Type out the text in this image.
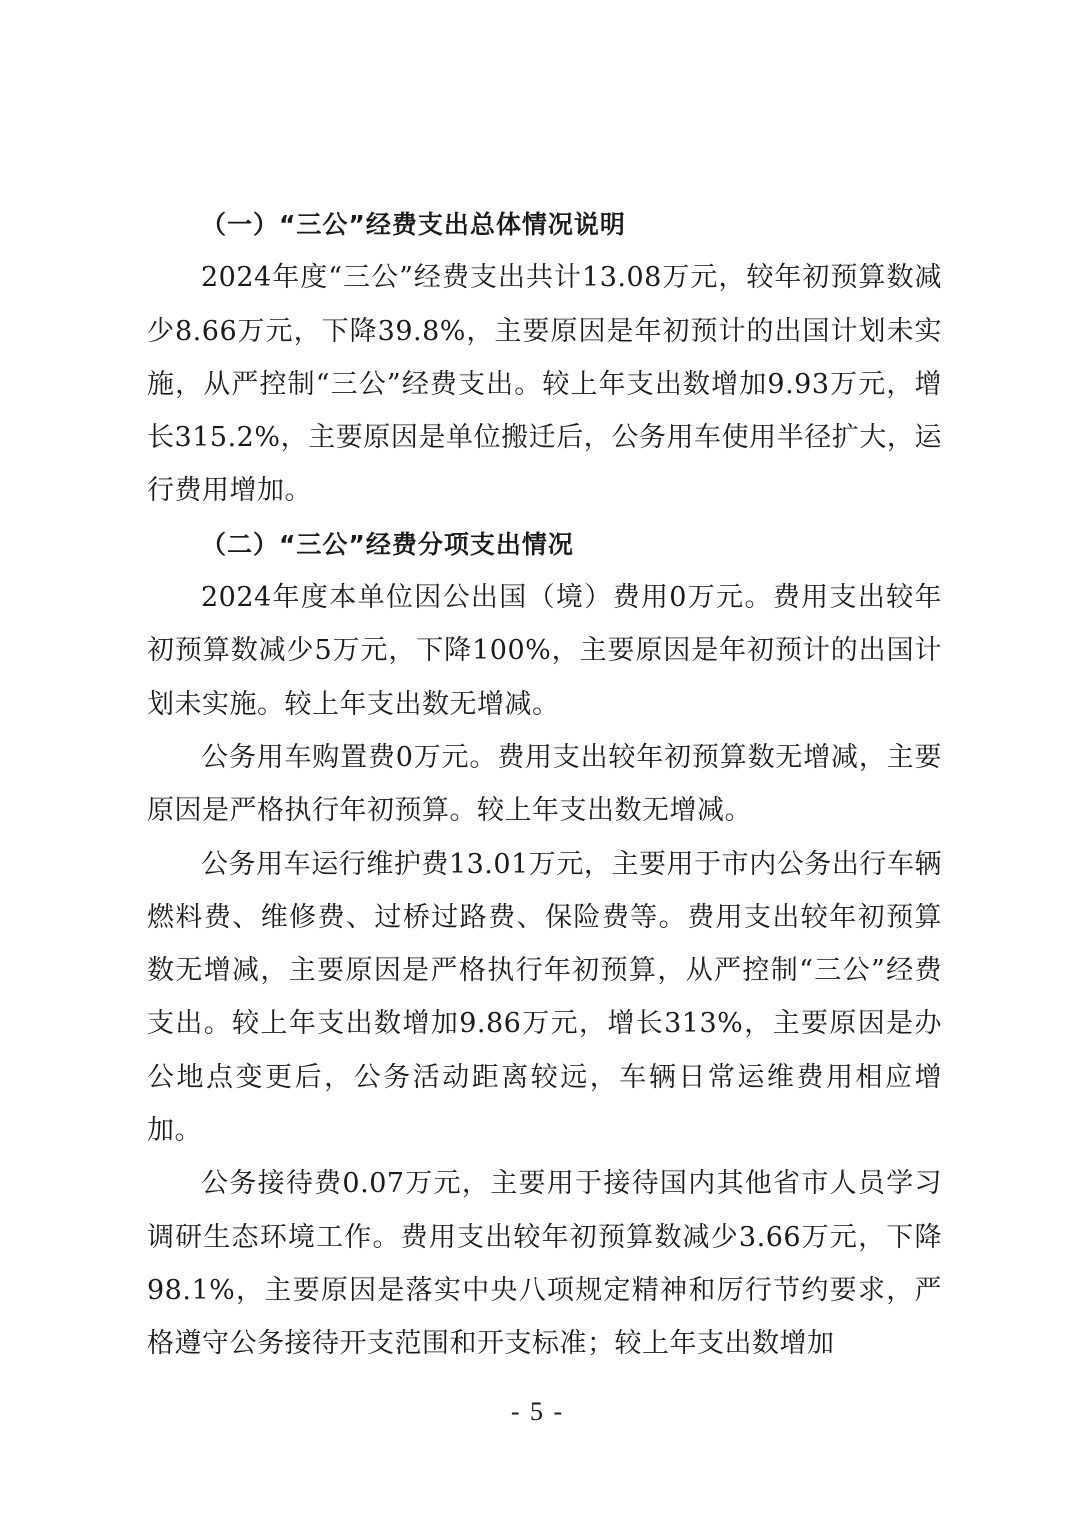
（一）“三公”经费支出总体情况说明

2024年度“三公”经费支出共计13.08万元，较年初预算数减少8.66万元，下降39.8%，主要原因是年初预计的出国计划未实施，从严控制“三公”经费支出。较上年支出数增加9.93万元，增长315.2%，主要原因是单位搬迁后，公务用车使用半径扩大，运行费用增加。

（二）“三公”经费分项支出情况

2024年度本单位因公出国（境）费用0万元。费用支出较年初预算数减少5万元，下降100%，主要原因是年初预计的出国计划未实施。较上年支出数无增减。

公务用车购置费0万元。费用支出较年初预算数无增减，主要原因是严格执行年初预算。较上年支出数无增减。

公务用车运行维护费13.01万元，主要用于市内公务出行车辆燃料费、维修费、过桥过路费、保险费等。费用支出较年初预算数无增减，主要原因是严格执行年初预算，从严控制“三公”经费支出。较上年支出数增加9.86万元，增长313%，主要原因是办公地点变更后，公务活动距离较远，车辆日常运维费用相应增加。

公务接待费0.07万元，主要用于接待国内其他省市人员学习调研生态环境工作。费用支出较年初预算数减少3.66万元，下降98.1%，主要原因是落实中央八项规定精神和厉行节约要求，严格遵守公务接待开支范围和开支标准；较上年支出数增加

- 5 -
